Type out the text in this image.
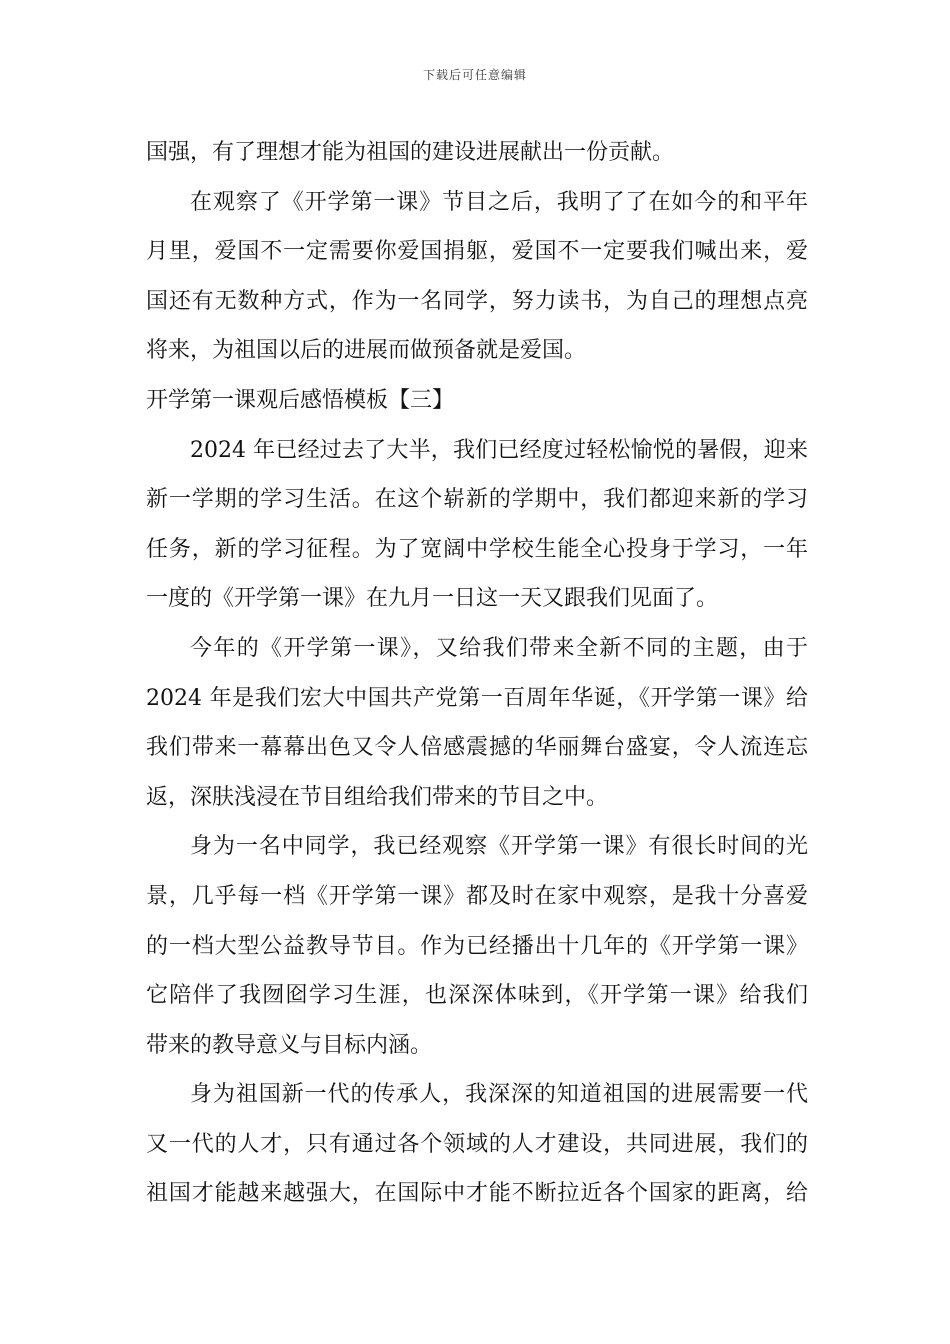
下载后可任意编辑
国强，有了理想才能为祖国的建设进展献出一份贡献。
在观察了《开学第一课》节目之后，我明了了在如今的和平年
月里，爱国不一定需要你爱国捐躯，爱国不一定要我们喊出来，爱
国还有无数种方式，作为一名同学，努力读书，为自己的理想点亮
将来，为祖国以后的进展而做预备就是爱国。
开学第一课观后感悟模板【三】
2024 年已经过去了大半，我们已经度过轻松愉悦的暑假，迎来
新一学期的学习生活。在这个崭新的学期中，我们都迎来新的学习
任务，新的学习征程。为了宽阔中学校生能全心投身于学习，一年
一度的《开学第一课》在九月一日这一天又跟我们见面了。
今年的《开学第一课》，又给我们带来全新不同的主题，由于
2024 年是我们宏大中国共产党第一百周年华诞，《开学第一课》给
我们带来一幕幕出色又令人倍感震撼的华丽舞台盛宴，令人流连忘
返，深肤浅浸在节目组给我们带来的节目之中。
身为一名中同学，我已经观察《开学第一课》有很长时间的光
景，几乎每一档《开学第一课》都及时在家中观察，是我十分喜爱
的一档大型公益教导节目。作为已经播出十几年的《开学第一课》
它陪伴了我囫囵学习生涯，也深深体味到，《开学第一课》给我们
带来的教导意义与目标内涵。
身为祖国新一代的传承人，我深深的知道祖国的进展需要一代
又一代的人才，只有通过各个领域的人才建设，共同进展，我们的
祖国才能越来越强大，在国际中才能不断拉近各个国家的距离，给
